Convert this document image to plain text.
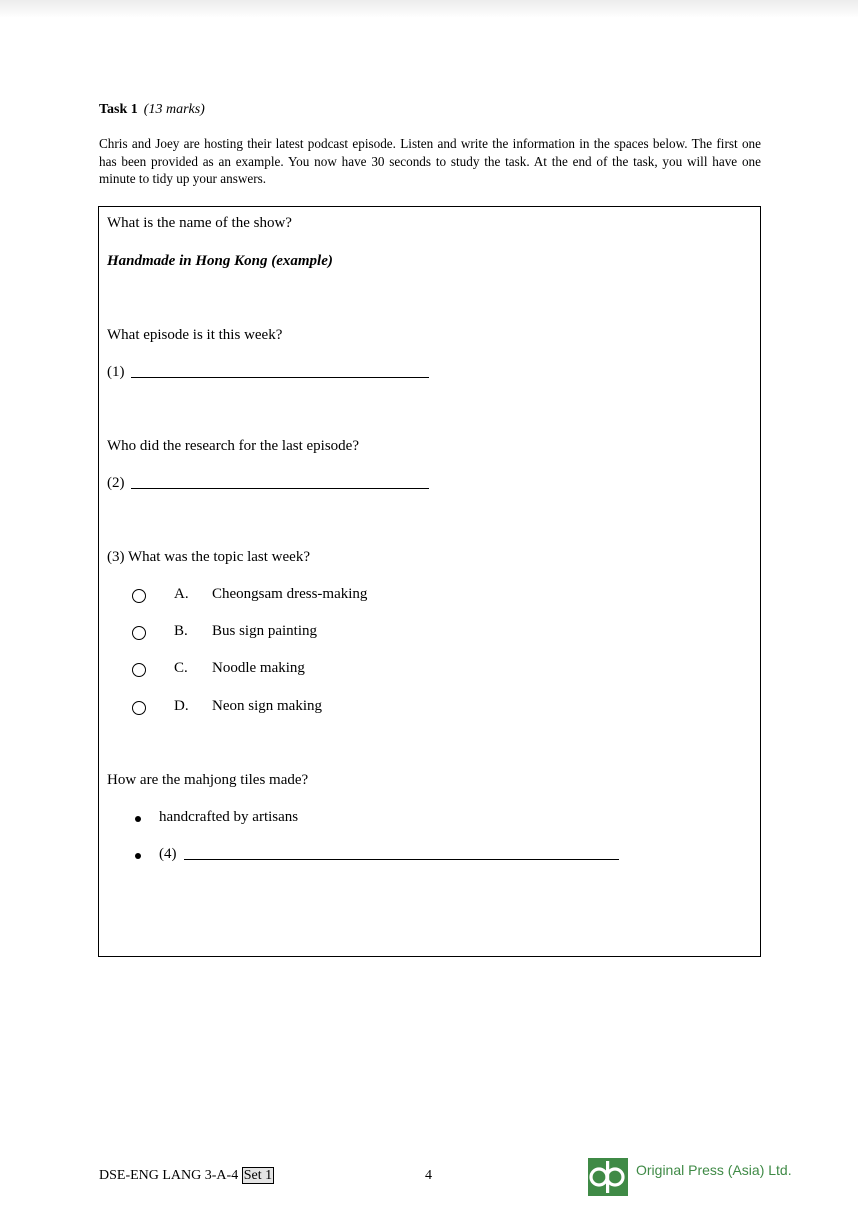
Task 1 (13 marks)
Chris and Joey are hosting their latest podcast episode. Listen and write the information in the spaces below. The first one has been provided as an example. You now have 30 seconds to study the task. At the end of the task, you will have one minute to tidy up your answers.
What is the name of the show?
Handmade in Hong Kong (example)
What episode is it this week?
(1)
Who did the research for the last episode?
(2)
(3) What was the topic last week?
A. Cheongsam dress-making
B. Bus sign painting
C. Noodle making
D. Neon sign making
How are the mahjong tiles made?
handcrafted by artisans
(4)
DSE-ENG LANG 3-A-4 Set 1	4	Original Press (Asia) Ltd.
